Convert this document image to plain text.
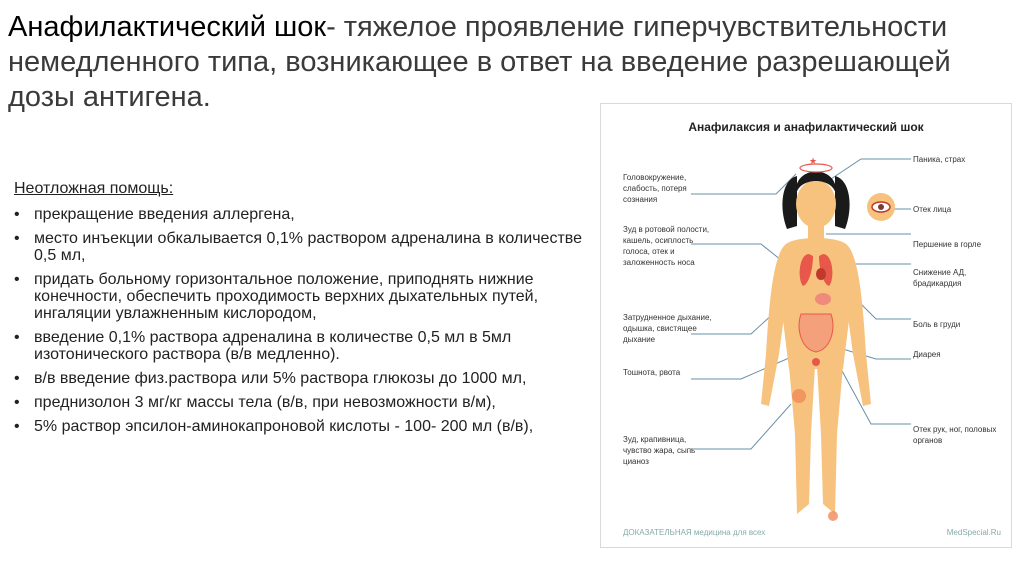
Анафилактический шок- тяжелое проявление гиперчувствительности немедленного типа, возникающее в ответ на введение разрешающей дозы антигена.
Неотложная помощь:
• прекращение введения аллергена,
• место инъекции обкалывается 0,1% раствором адреналина в количестве 0,5 мл,
• придать больному горизонтальное положение, приподнять нижние конечности, обеспечить проходимость верхних дыхательных путей, ингаляции увлажненным кислородом,
• введение 0,1% раствора адреналина в количестве 0,5 мл в 5мл изотонического раствора (в/в медленно).
• в/в введение физ.раствора или 5% раствора глюкозы до 1000 мл,
• преднизолон 3 мг/кг массы тела (в/в, при невозможности в/м),
• 5% раствор эпсилон-аминокапроновой кислоты - 100- 200 мл (в/в),
Анафилаксия и анафилактический шок
★
Головокружение, слабость, потеря сознания
Зуд в ротовой полости, кашель, осиплость голоса, отек и заложенность носа
Затрудненное дыхание, одышка, свистящее дыхание
Тошнота, рвота
Зуд, крапивница, чувство жара, сыпь цианоз
Паника, страх
Отек лица
Першение в горле
Снижение АД, брадикардия
Боль в груди
Диарея
Отек рук, ног, половых органов
ДОКАЗАТЕЛЬНАЯ медицина для всех	MedSpecial.Ru
